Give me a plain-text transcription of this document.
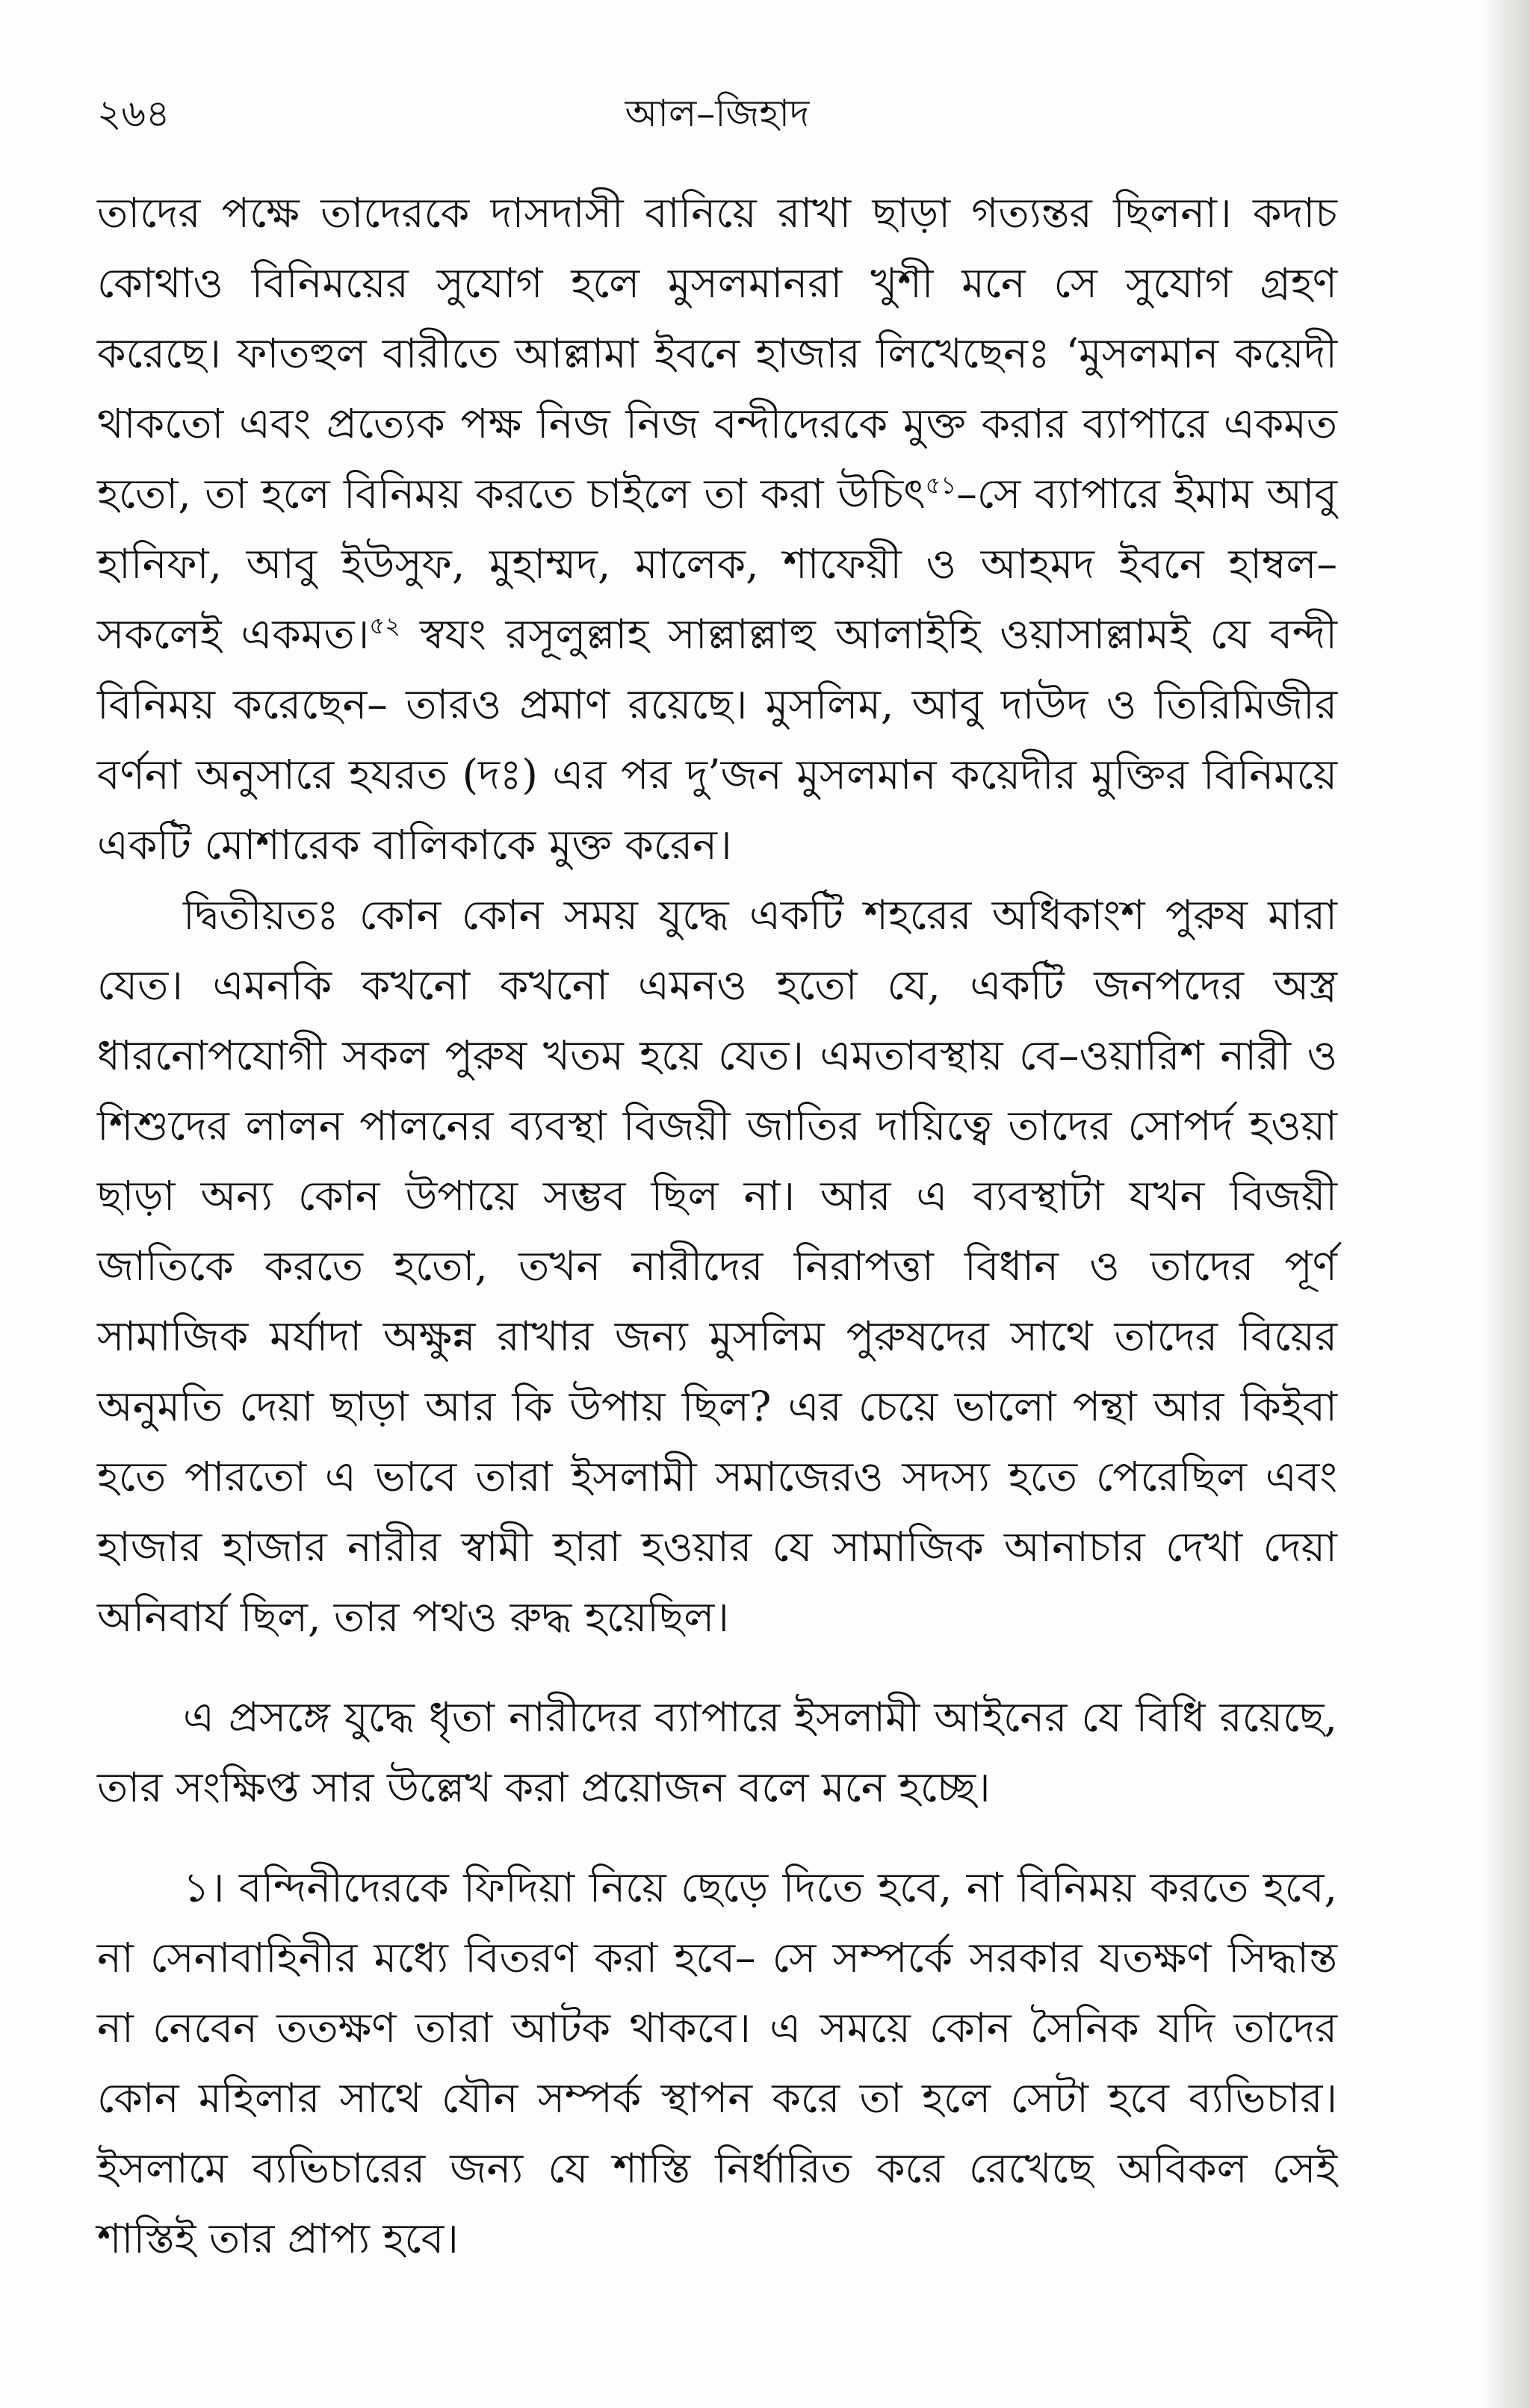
২৬৪	আল–জিহাদ

তাদের পক্ষে তাদেরকে দাসদাসী বানিয়ে রাখা ছাড়া গত্যন্তর ছিলনা। কদাচ কোথাও বিনিময়ের সুযোগ হলে মুসলমানরা খুশী মনে সে সুযোগ গ্রহণ করেছে। ফাতহুল বারীতে আল্লামা ইবনে হাজার লিখেছেনঃ ‘মুসলমান কয়েদী থাকতো এবং প্রত্যেক পক্ষ নিজ নিজ বন্দীদেরকে মুক্ত করার ব্যাপারে একমত হতো, তা হলে বিনিময় করতে চাইলে তা করা উচিৎ$^{৫১}$–সে ব্যাপারে ইমাম আবু হানিফা, আবু ইউসুফ, মুহাম্মদ, মালেক, শাফেয়ী ও আহমদ ইবনে হাম্বল–সকলেই একমত।$^{৫২}$ স্বযং রসূলুল্লাহ সাল্লাল্লাহু আলাইহি ওয়াসাল্লামই যে বন্দী বিনিময় করেছেন– তারও প্রমাণ রয়েছে। মুসলিম, আবু দাউদ ও তিরিমিজীর বর্ণনা অনুসারে হযরত (দঃ) এর পর দু’জন মুসলমান কয়েদীর মুক্তির বিনিময়ে একটি মোশারেক বালিকাকে মুক্ত করেন।

দ্বিতীয়তঃ কোন কোন সময় যুদ্ধে একটি শহরের অধিকাংশ পুরুষ মারা যেত। এমনকি কখনো কখনো এমনও হতো যে, একটি জনপদের অস্ত্র ধারনোপযোগী সকল পুরুষ খতম হয়ে যেত। এমতাবস্থায় বে–ওয়ারিশ নারী ও শিশুদের লালন পালনের ব্যবস্থা বিজয়ী জাতির দায়িত্বে তাদের সোপর্দ হওয়া ছাড়া অন্য কোন উপায়ে সম্ভব ছিল না। আর এ ব্যবস্থাটা যখন বিজয়ী জাতিকে করতে হতো, তখন নারীদের নিরাপত্তা বিধান ও তাদের পূর্ণ সামাজিক মর্যাদা অক্ষুন্ন রাখার জন্য মুসলিম পুরুষদের সাথে তাদের বিয়ের অনুমতি দেয়া ছাড়া আর কি উপায় ছিল? এর চেয়ে ভালো পন্থা আর কিইবা হতে পারতো এ ভাবে তারা ইসলামী সমাজেরও সদস্য হতে পেরেছিল এবং হাজার হাজার নারীর স্বামী হারা হওয়ার যে সামাজিক আনাচার দেখা দেয়া অনিবার্য ছিল, তার পথও রুদ্ধ হয়েছিল।

এ প্রসঙ্গে যুদ্ধে ধৃতা নারীদের ব্যাপারে ইসলামী আইনের যে বিধি রয়েছে, তার সংক্ষিপ্ত সার উল্লেখ করা প্রয়োজন বলে মনে হচ্ছে।

১। বন্দিনীদেরকে ফিদিয়া নিয়ে ছেড়ে দিতে হবে, না বিনিময় করতে হবে, না সেনাবাহিনীর মধ্যে বিতরণ করা হবে– সে সম্পর্কে সরকার যতক্ষণ সিদ্ধান্ত না নেবেন ততক্ষণ তারা আটক থাকবে। এ সময়ে কোন সৈনিক যদি তাদের কোন মহিলার সাথে যৌন সম্পর্ক স্থাপন করে তা হলে সেটা হবে ব্যভিচার। ইসলামে ব্যভিচারের জন্য যে শাস্তি নির্ধারিত করে রেখেছে অবিকল সেই শাস্তিই তার প্রাপ্য হবে।
